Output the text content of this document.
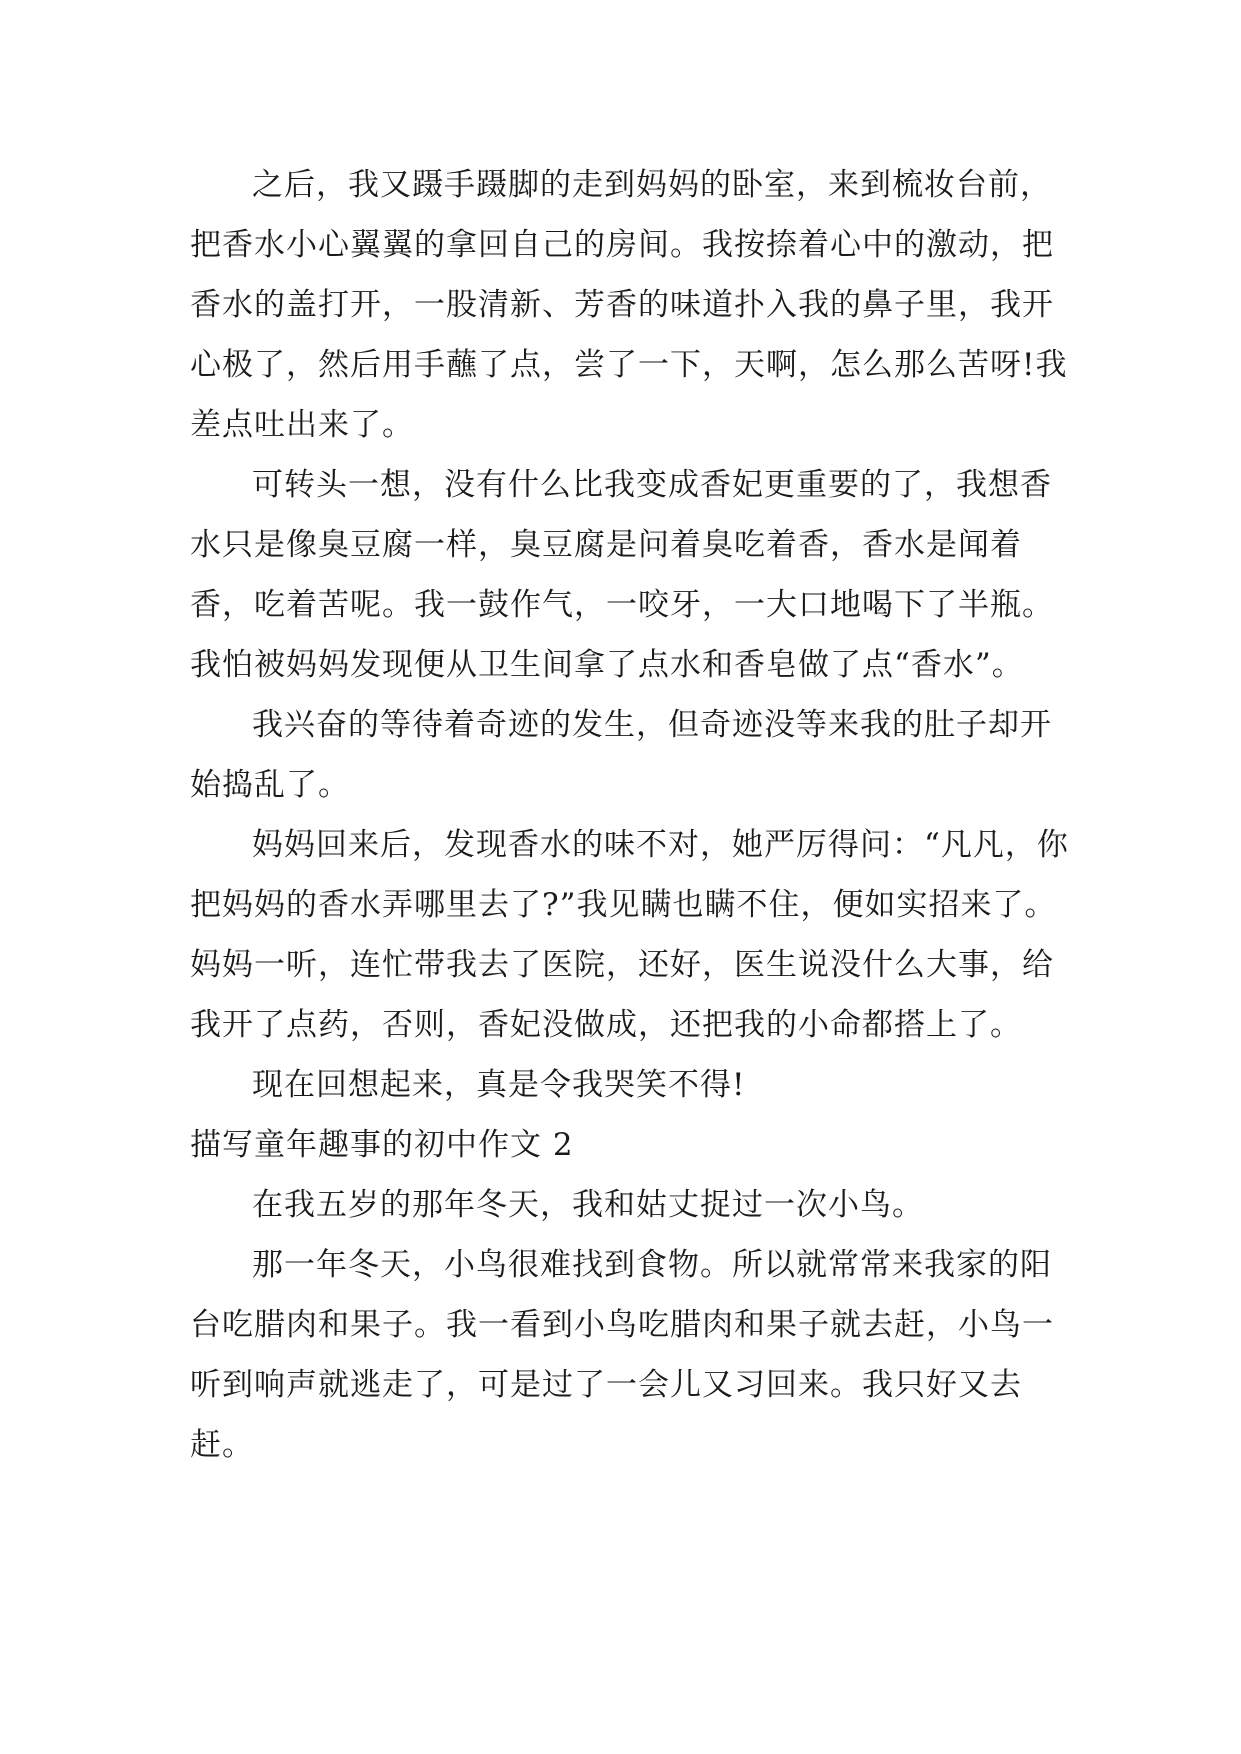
之后，我又蹑手蹑脚的走到妈妈的卧室，来到梳妆台前，把香水小心翼翼的拿回自己的房间。我按捺着心中的激动，把香水的盖打开，一股清新、芳香的味道扑入我的鼻子里，我开心极了，然后用手蘸了点，尝了一下，天啊，怎么那么苦呀!我差点吐出来了。

可转头一想，没有什么比我变成香妃更重要的了，我想香水只是像臭豆腐一样，臭豆腐是问着臭吃着香，香水是闻着香，吃着苦呢。我一鼓作气，一咬牙，一大口地喝下了半瓶。我怕被妈妈发现便从卫生间拿了点水和香皂做了点“香水”。

我兴奋的等待着奇迹的发生，但奇迹没等来我的肚子却开始捣乱了。

妈妈回来后，发现香水的味不对，她严厉得问：“凡凡，你把妈妈的香水弄哪里去了?”我见瞒也瞒不住，便如实招来了。妈妈一听，连忙带我去了医院，还好，医生说没什么大事，给我开了点药，否则，香妃没做成，还把我的小命都搭上了。

现在回想起来，真是令我哭笑不得!

描写童年趣事的初中作文 2

在我五岁的那年冬天，我和姑丈捉过一次小鸟。

那一年冬天，小鸟很难找到食物。所以就常常来我家的阳台吃腊肉和果子。我一看到小鸟吃腊肉和果子就去赶，小鸟一听到响声就逃走了，可是过了一会儿又习回来。我只好又去赶。
